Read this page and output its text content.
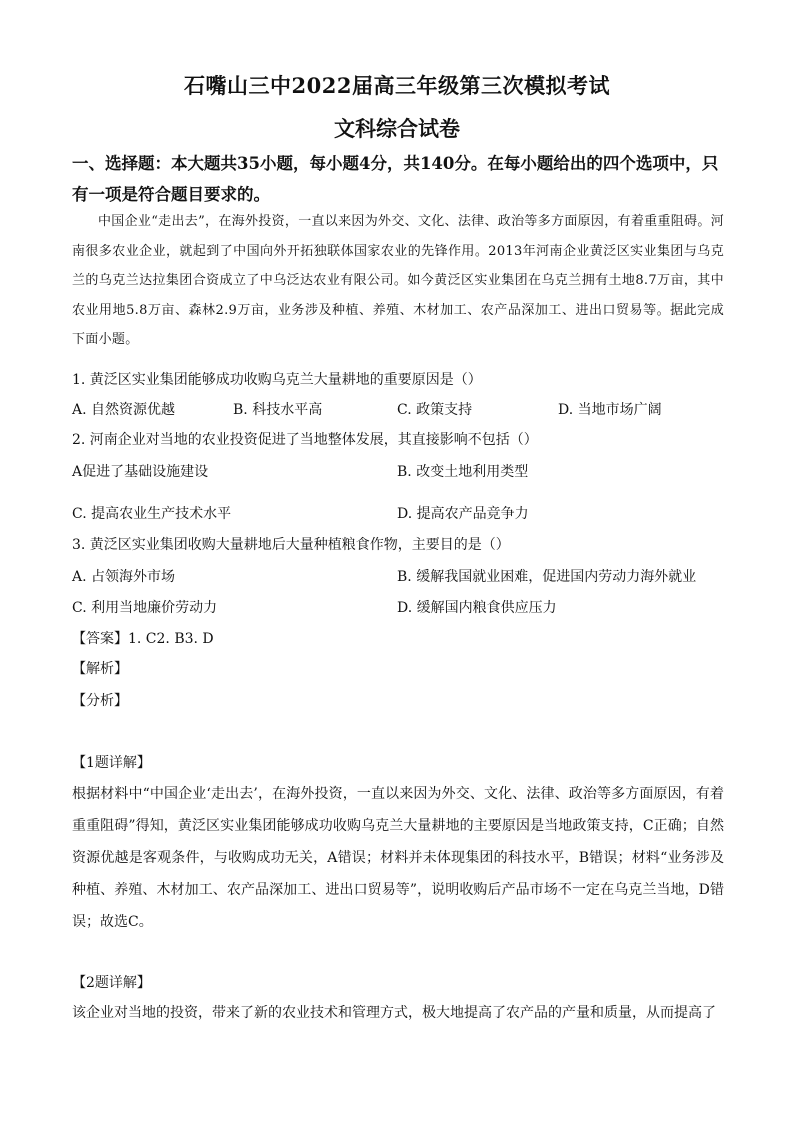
石嘴山三中2022届高三年级第三次模拟考试
文科综合试卷
一、选择题：本大题共35小题，每小题4分，共140分。在每小题给出的四个选项中，只有一项是符合题目要求的。
中国企业“走出去”，在海外投资，一直以来因为外交、文化、法律、政治等多方面原因，有着重重阻碍。河南很多农业企业，就起到了中国向外开拓独联体国家农业的先锋作用。2013年河南企业黄泛区实业集团与乌克兰的乌克兰达拉集团合资成立了中乌泛达农业有限公司。如今黄泛区实业集团在乌克兰拥有土地8.7万亩，其中农业用地5.8万亩、森林2.9万亩，业务涉及种植、养殖、木材加工、农产品深加工、进出口贸易等。据此完成下面小题。
1. 黄泛区实业集团能够成功收购乌克兰大量耕地的重要原因是（）
A. 自然资源优越	B. 科技水平高	C. 政策支持	D. 当地市场广阔
2. 河南企业对当地的农业投资促进了当地整体发展，其直接影响不包括（）
A促进了基础设施建设	B. 改变土地利用类型
C. 提高农业生产技术水平	D. 提高农产品竞争力
3. 黄泛区实业集团收购大量耕地后大量种植粮食作物，主要目的是（）
A. 占领海外市场	B. 缓解我国就业困难，促进国内劳动力海外就业
C. 利用当地廉价劳动力	D. 缓解国内粮食供应压力
【答案】1. C2. B3. D
【解析】
【分析】
【1题详解】
根据材料中“中国企业‘走出去’，在海外投资，一直以来因为外交、文化、法律、政治等多方面原因，有着重重阻碍”得知，黄泛区实业集团能够成功收购乌克兰大量耕地的主要原因是当地政策支持，C正确；自然资源优越是客观条件，与收购成功无关，A错误；材料并未体现集团的科技水平，B错误；材料“业务涉及种植、养殖、木材加工、农产品深加工、进出口贸易等”，说明收购后产品市场不一定在乌克兰当地，D错误；故选C。
【2题详解】
该企业对当地的投资，带来了新的农业技术和管理方式，极大地提高了农产品的产量和质量，从而提高了
